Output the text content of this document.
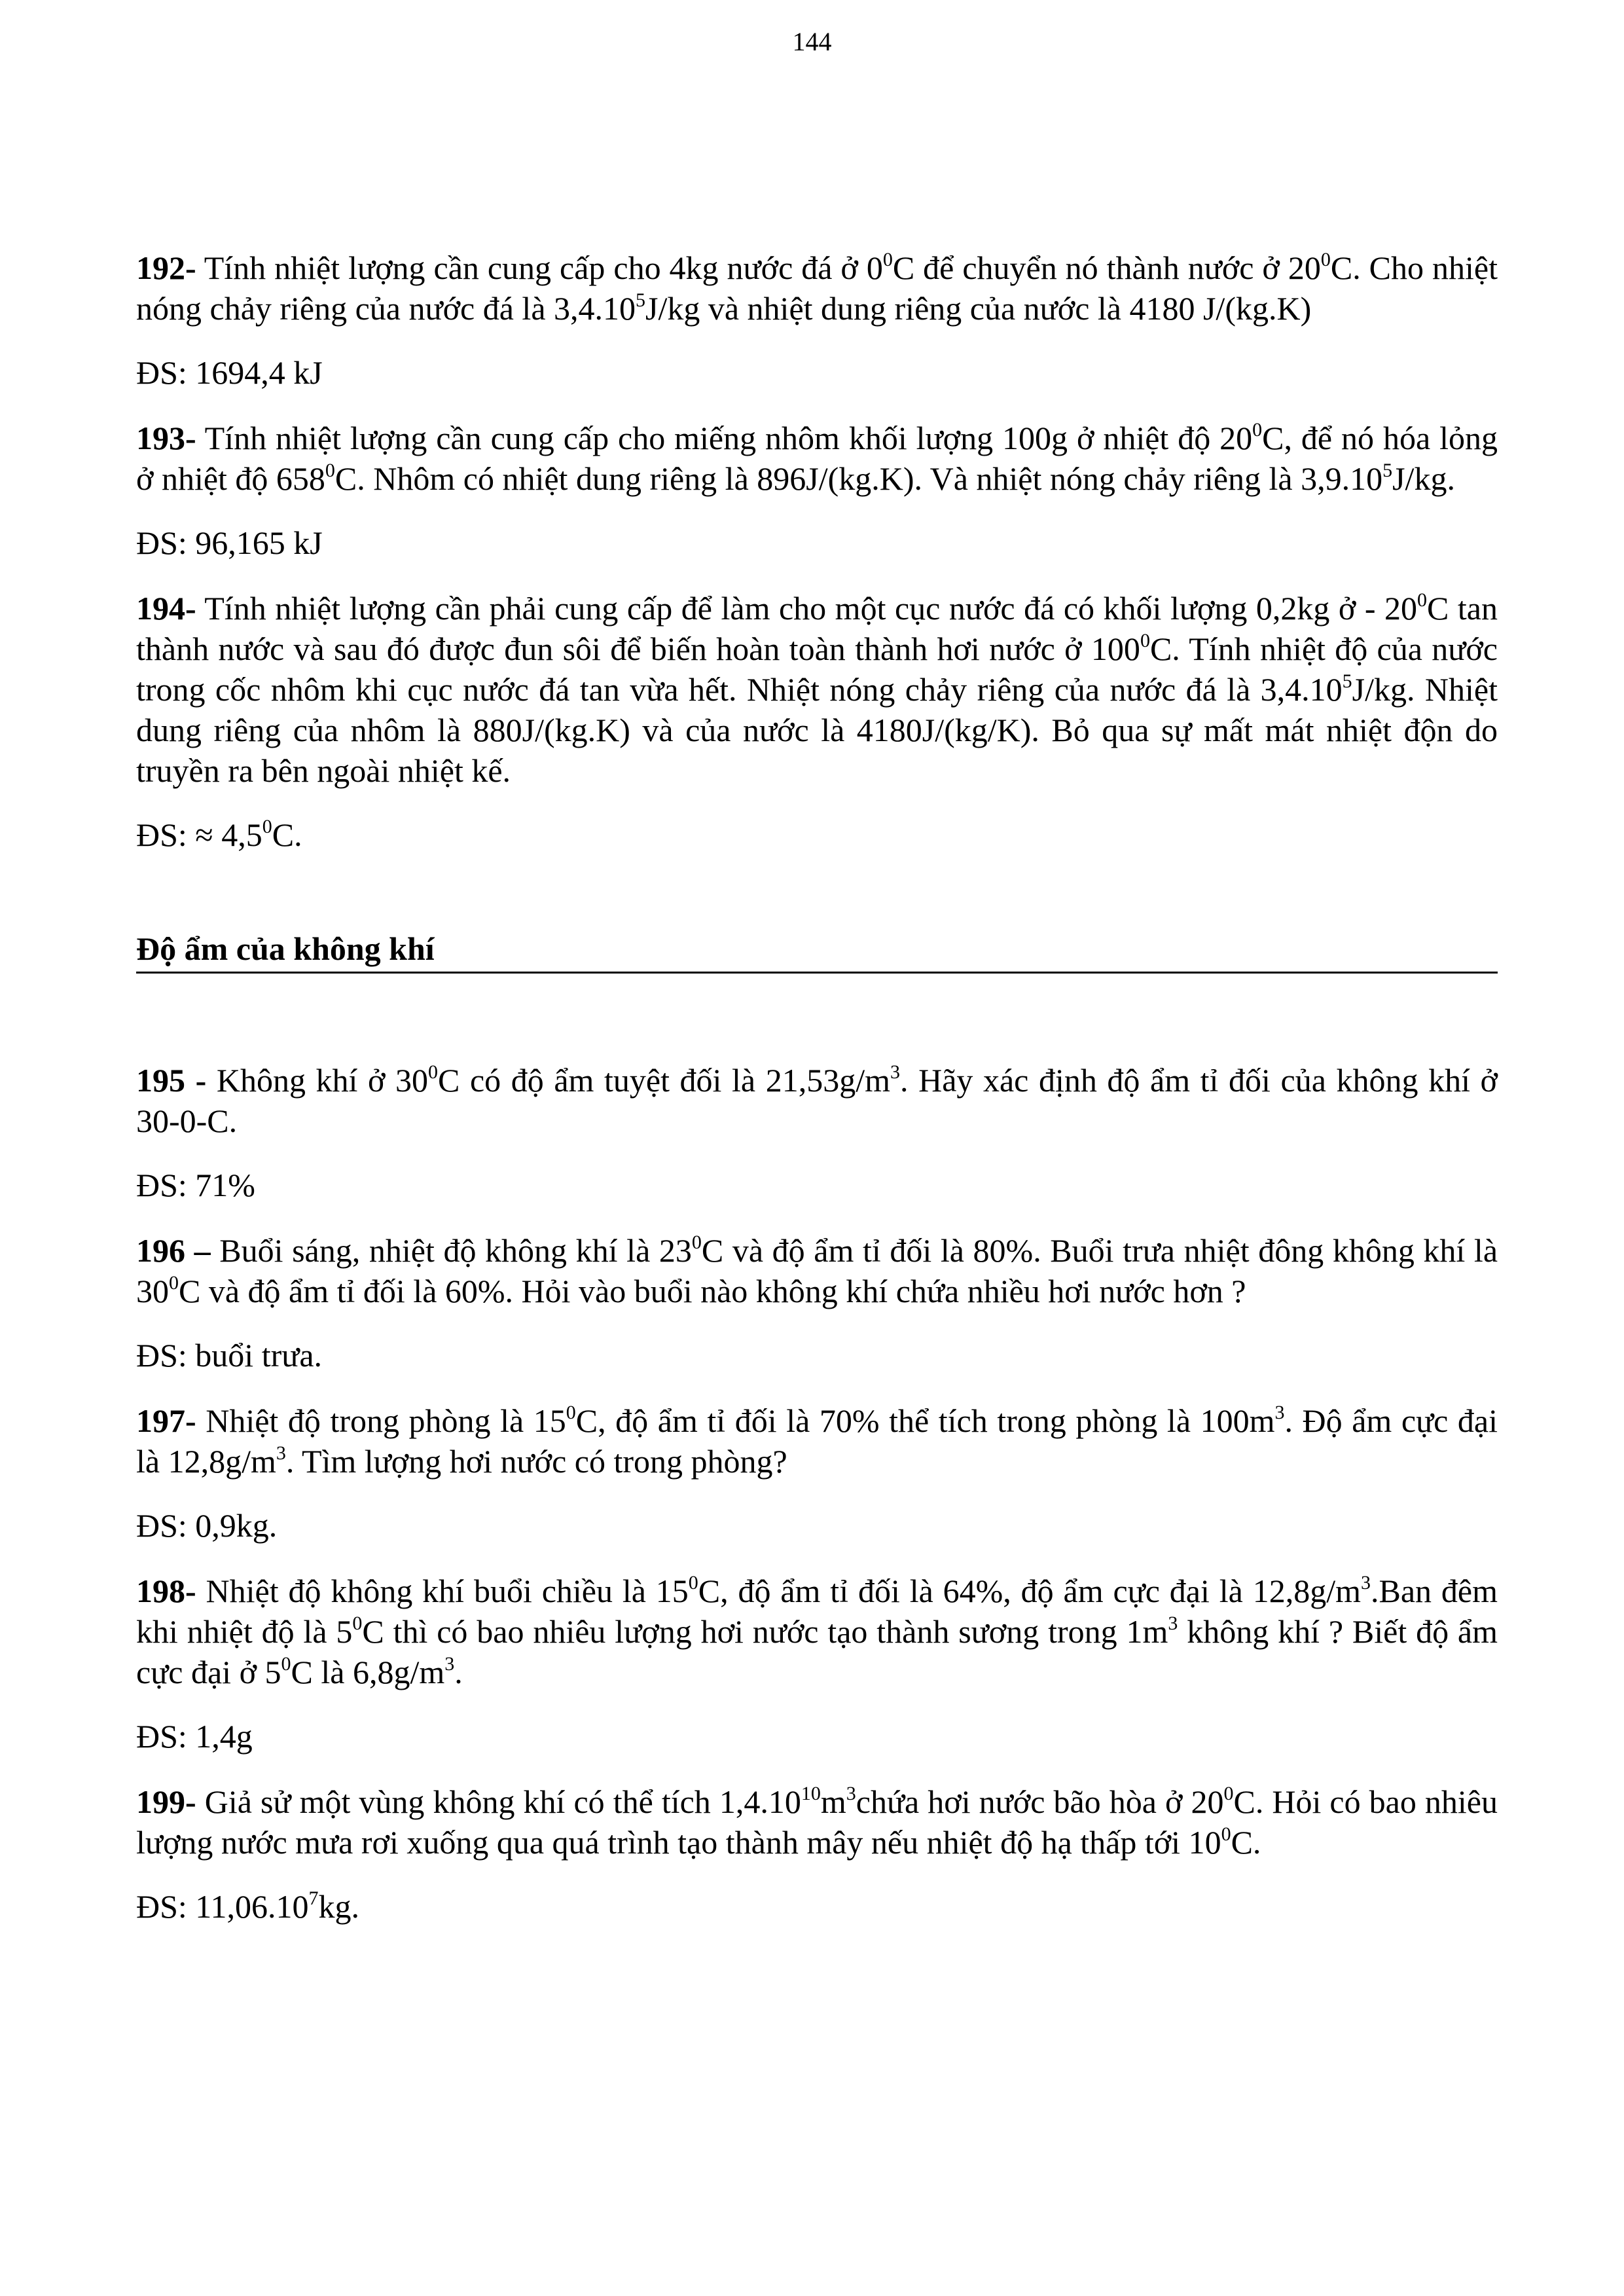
144

192- Tính nhiệt lượng cần cung cấp cho 4kg nước đá ở $0^0C$ để chuyển nó thành nước ở $20^0C$. Cho nhiệt nóng chảy riêng của nước đá là 3,4.10$^5$J/kg và nhiệt dung riêng của nước là 4180 J/(kg.K)

ĐS: 1694,4 kJ

193- Tính nhiệt lượng cần cung cấp cho miếng nhôm khối lượng 100g ở nhiệt độ $20^0C$, để nó hóa lỏng ở nhiệt độ $658^0C$. Nhôm có nhiệt dung riêng là 896J/(kg.K). Và nhiệt nóng chảy riêng là 3,9.10$^5$J/kg.

ĐS: 96,165 kJ

194- Tính nhiệt lượng cần phải cung cấp để làm cho một cục nước đá có khối lượng 0,2kg ở - $20^0C$ tan thành nước và sau đó được đun sôi để biến hoàn toàn thành hơi nước ở $100^0C$. Tính nhiệt độ của nước trong cốc nhôm khi cục nước đá tan vừa hết. Nhiệt nóng chảy riêng của nước đá là 3,4.10$^5$J/kg. Nhiệt dung riêng của nhôm là 880J/(kg.K) và của nước là 4180J/(kg/K). Bỏ qua sự mất mát nhiệt độn do truyền ra bên ngoài nhiệt kế.

ĐS: ≈ $4,5^0C$.

Độ ẩm của không khí

195 - Không khí ở $30^0C$ có độ ẩm tuyệt đối là $21,53g/m^3$. Hãy xác định độ ẩm tỉ đối của không khí ở 30-0-C.

ĐS: 71%

196 – Buổi sáng, nhiệt độ không khí là $23^0C$ và độ ẩm tỉ đối là 80%. Buổi trưa nhiệt đông không khí là $30^0C$ và độ ẩm tỉ đối là 60%. Hỏi vào buổi nào không khí chứa nhiều hơi nước hơn ?

ĐS: buổi trưa.

197- Nhiệt độ trong phòng là $15^0C$, độ ẩm tỉ đối là 70% thể tích trong phòng là $100m^3$. Độ ẩm cực đại là $12,8g/m^3$. Tìm lượng hơi nước có trong phòng?

ĐS: 0,9kg.

198- Nhiệt độ không khí buổi chiều là $15^0C$, độ ẩm tỉ đối là 64%, độ ẩm cực đại là $12,8g/m^3.Ban$ đêm khi nhiệt độ là $5^0C$ thì có bao nhiêu lượng hơi nước tạo thành sương trong $1m^3$ không khí ? Biết độ ẩm cực đại ở $5^0C$ là $6,8g/m^3$.

ĐS: 1,4g

199- Giả sử một vùng không khí có thể tích $1,4.10^{10}m^3chứa$ hơi nước bão hòa ở $20^0C$. Hỏi có bao nhiêu lượng nước mưa rơi xuống qua quá trình tạo thành mây nếu nhiệt độ hạ thấp tới $10^0C$.

ĐS: 11,06.10$^7$kg.
